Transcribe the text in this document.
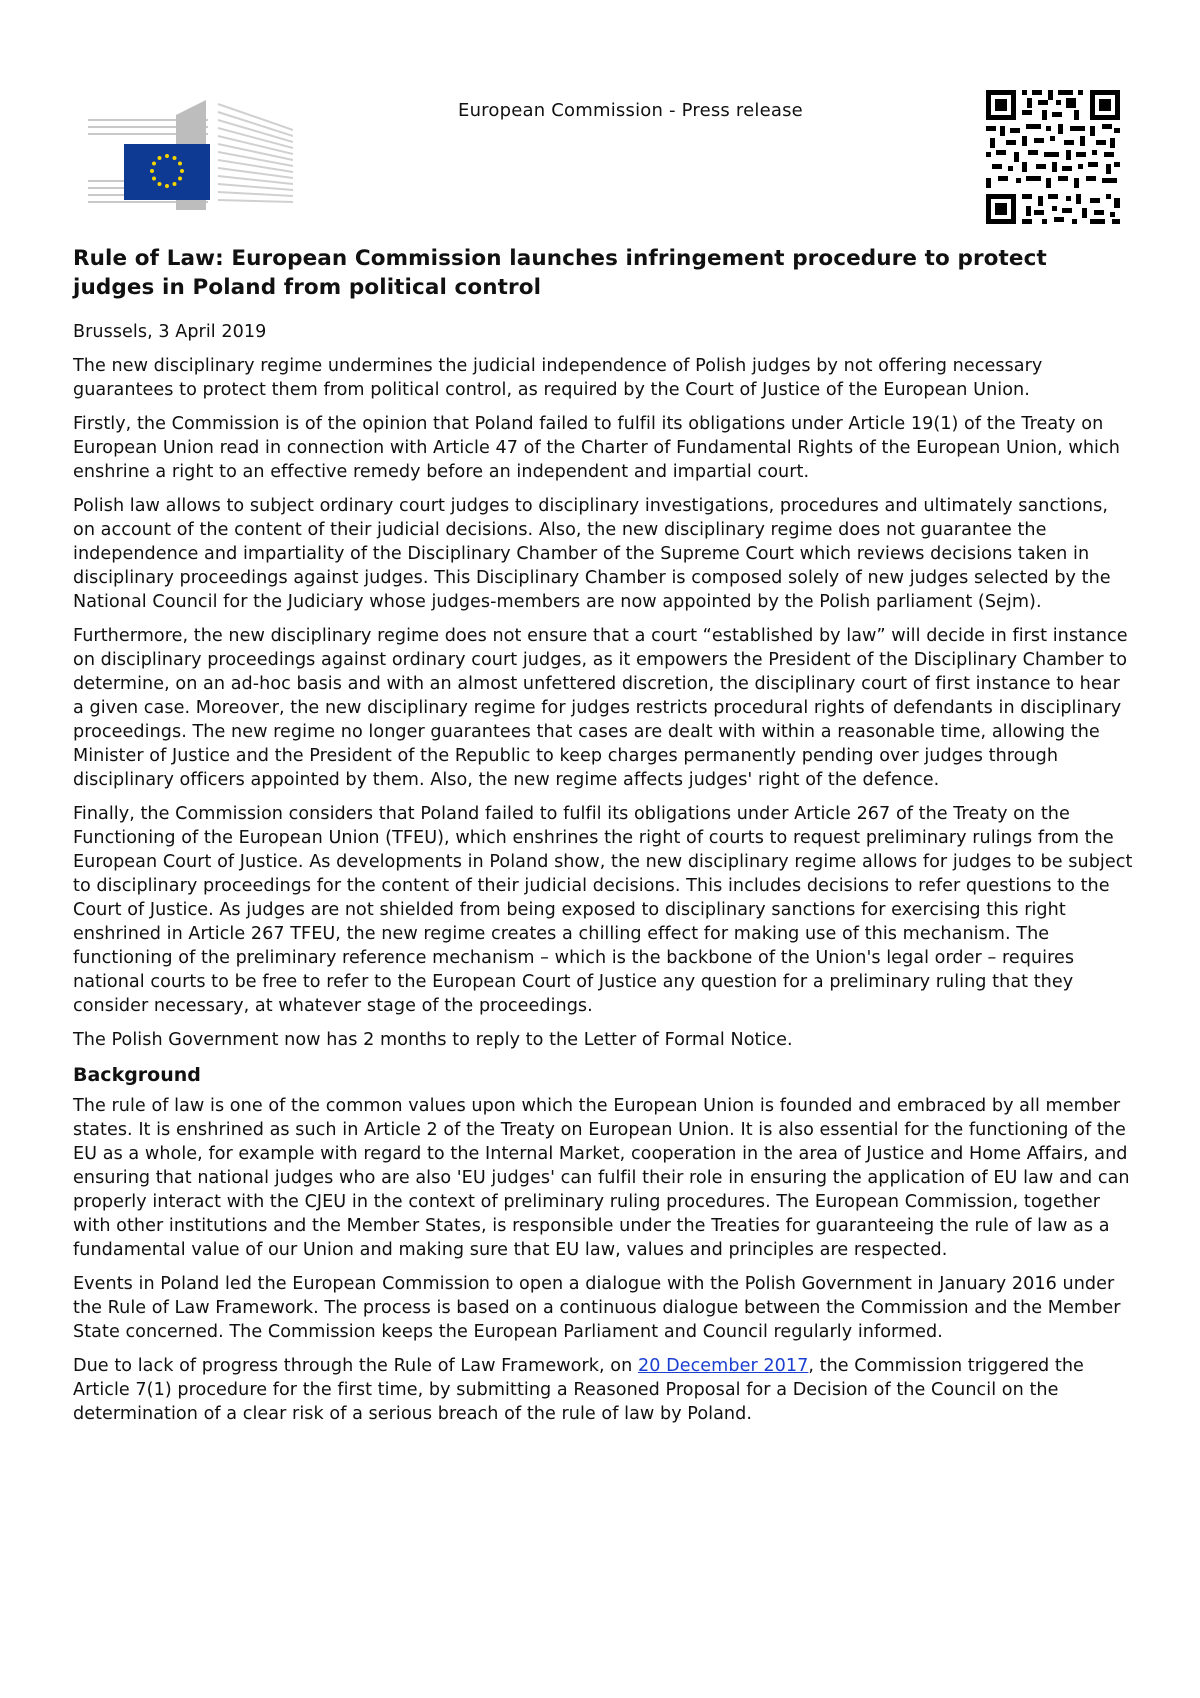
European Commission - Press release
Rule of Law: European Commission launches infringement procedure to protect judges in Poland from political control

Brussels, 3 April 2019

The new disciplinary regime undermines the judicial independence of Polish judges by not offering necessary guarantees to protect them from political control, as required by the Court of Justice of the European Union.

Firstly, the Commission is of the opinion that Poland failed to fulfil its obligations under Article 19(1) of the Treaty on European Union read in connection with Article 47 of the Charter of Fundamental Rights of the European Union, which enshrine a right to an effective remedy before an independent and impartial court.

Polish law allows to subject ordinary court judges to disciplinary investigations, procedures and ultimately sanctions, on account of the content of their judicial decisions. Also, the new disciplinary regime does not guarantee the independence and impartiality of the Disciplinary Chamber of the Supreme Court which reviews decisions taken in disciplinary proceedings against judges. This Disciplinary Chamber is composed solely of new judges selected by the National Council for the Judiciary whose judges-members are now appointed by the Polish parliament (Sejm).

Furthermore, the new disciplinary regime does not ensure that a court “established by law” will decide in first instance on disciplinary proceedings against ordinary court judges, as it empowers the President of the Disciplinary Chamber to determine, on an ad-hoc basis and with an almost unfettered discretion, the disciplinary court of first instance to hear a given case. Moreover, the new disciplinary regime for judges restricts procedural rights of defendants in disciplinary proceedings. The new regime no longer guarantees that cases are dealt with within a reasonable time, allowing the Minister of Justice and the President of the Republic to keep charges permanently pending over judges through disciplinary officers appointed by them. Also, the new regime affects judges' right of the defence.

Finally, the Commission considers that Poland failed to fulfil its obligations under Article 267 of the Treaty on the Functioning of the European Union (TFEU), which enshrines the right of courts to request preliminary rulings from the European Court of Justice. As developments in Poland show, the new disciplinary regime allows for judges to be subject to disciplinary proceedings for the content of their judicial decisions. This includes decisions to refer questions to the Court of Justice. As judges are not shielded from being exposed to disciplinary sanctions for exercising this right enshrined in Article 267 TFEU, the new regime creates a chilling effect for making use of this mechanism. The functioning of the preliminary reference mechanism – which is the backbone of the Union's legal order – requires national courts to be free to refer to the European Court of Justice any question for a preliminary ruling that they consider necessary, at whatever stage of the proceedings.

The Polish Government now has 2 months to reply to the Letter of Formal Notice.

Background

The rule of law is one of the common values upon which the European Union is founded and embraced by all member states. It is enshrined as such in Article 2 of the Treaty on European Union. It is also essential for the functioning of the EU as a whole, for example with regard to the Internal Market, cooperation in the area of Justice and Home Affairs, and ensuring that national judges who are also 'EU judges' can fulfil their role in ensuring the application of EU law and can properly interact with the CJEU in the context of preliminary ruling procedures. The European Commission, together with other institutions and the Member States, is responsible under the Treaties for guaranteeing the rule of law as a fundamental value of our Union and making sure that EU law, values and principles are respected.

Events in Poland led the European Commission to open a dialogue with the Polish Government in January 2016 under the Rule of Law Framework. The process is based on a continuous dialogue between the Commission and the Member State concerned. The Commission keeps the European Parliament and Council regularly informed.

Due to lack of progress through the Rule of Law Framework, on 20 December 2017, the Commission triggered the Article 7(1) procedure for the first time, by submitting a Reasoned Proposal for a Decision of the Council on the determination of a clear risk of a serious breach of the rule of law by Poland.
